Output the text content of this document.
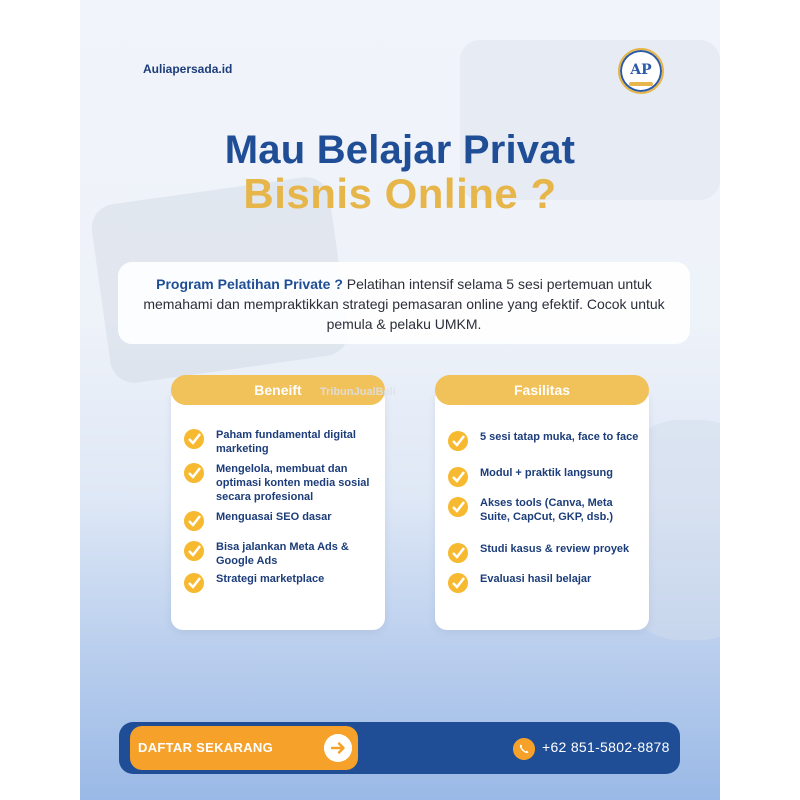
Auliapersada.id	AP
Mau Belajar Privat
Bisnis Online ?
Program Pelatihan Private ? Pelatihan intensif selama 5 sesi pertemuan untuk memahami dan mempraktikkan strategi pemasaran online yang efektif. Cocok untuk pemula & pelaku UMKM.
Paham fundamental digital marketing
Mengelola, membuat dan optimasi konten media sosial secara profesional
Menguasai SEO dasar
Bisa jalankan Meta Ads & Google Ads
Strategi marketplace
Beneift
5 sesi tatap muka, face to face
Modul + praktik langsung
Akses tools (Canva, Meta Suite, CapCut, GKP, dsb.)
Studi kasus & review proyek
Evaluasi hasil belajar
Fasilitas
TribunJualBeli
DAFTAR SEKARANG	+62 851-5802-8878
